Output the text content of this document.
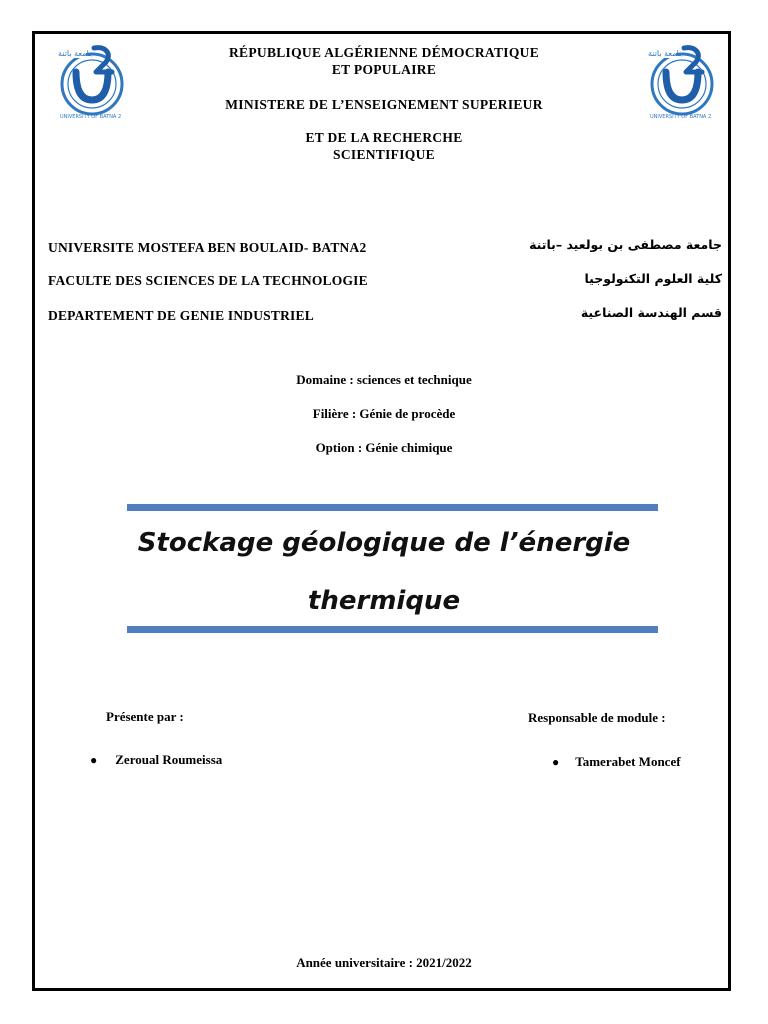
جامعة باتنة
UNIVERSITY OF BATNA 2
جامعة باتنة
UNIVERSITY OF BATNA 2
RÉPUBLIQUE ALGÉRIENNE DÉMOCRATIQUE
ET POPULAIRE
MINISTERE DE L’ENSEIGNEMENT SUPERIEUR
ET DE LA RECHERCHE
SCIENTIFIQUE
UNIVERSITE MOSTEFA BEN BOULAID- BATNA2
FACULTE DES SCIENCES DE LA TECHNOLOGIE
DEPARTEMENT DE GENIE INDUSTRIEL
جامعة مصطفى بن بولعيد –باتنة
كلية العلوم التكنولوجيا
قسم الهندسة الصناعية
Domaine : sciences et technique
Filière : Génie de procède
Option : Génie chimique
Stockage géologique de l’énergie
thermique
Présente par :
● Zeroual Roumeissa
Responsable de module :
● Tamerabet Moncef
Année universitaire : 2021/2022
